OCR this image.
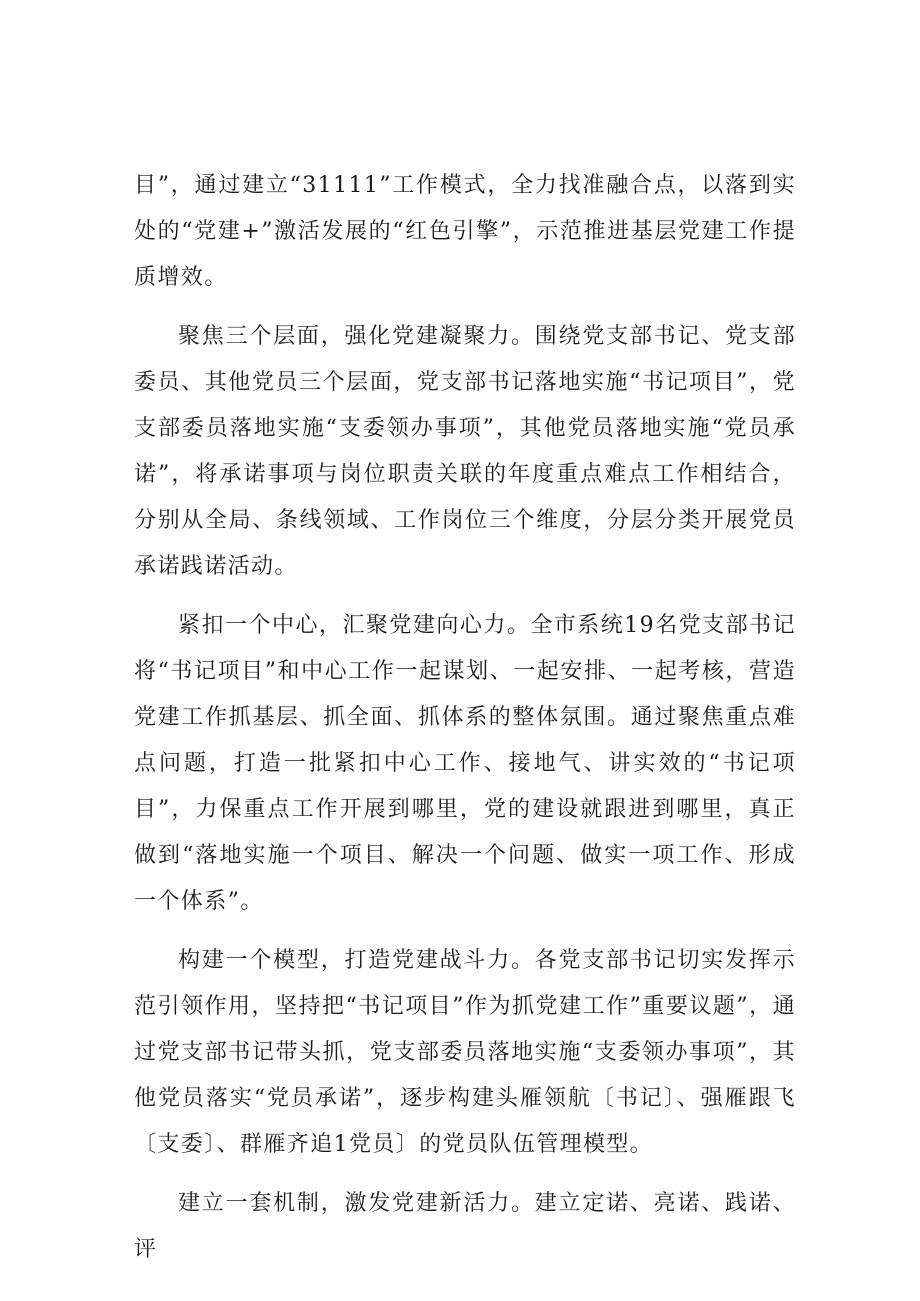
目”，通过建立“31111”工作模式，全力找准融合点，以落到实处的“党建+”激活发展的“红色引擎”，示范推进基层党建工作提质增效。

聚焦三个层面，强化党建凝聚力。围绕党支部书记、党支部委员、其他党员三个层面，党支部书记落地实施“书记项目”，党支部委员落地实施“支委领办事项”，其他党员落地实施“党员承诺”，将承诺事项与岗位职责关联的年度重点难点工作相结合，分别从全局、条线领域、工作岗位三个维度，分层分类开展党员承诺践诺活动。

紧扣一个中心，汇聚党建向心力。全市系统19名党支部书记将“书记项目”和中心工作一起谋划、一起安排、一起考核，营造党建工作抓基层、抓全面、抓体系的整体氛围。通过聚焦重点难点问题，打造一批紧扣中心工作、接地气、讲实效的“书记项目”，力保重点工作开展到哪里，党的建设就跟进到哪里，真正做到“落地实施一个项目、解决一个问题、做实一项工作、形成一个体系”。

构建一个模型，打造党建战斗力。各党支部书记切实发挥示范引领作用，坚持把“书记项目”作为抓党建工作”重要议题”，通过党支部书记带头抓，党支部委员落地实施“支委领办事项”，其他党员落实“党员承诺”，逐步构建头雁领航〔书记〕、强雁跟飞〔支委〕、群雁齐追1党员〕的党员队伍管理模型。

建立一套机制，激发党建新活力。建立定诺、亮诺、践诺、评
